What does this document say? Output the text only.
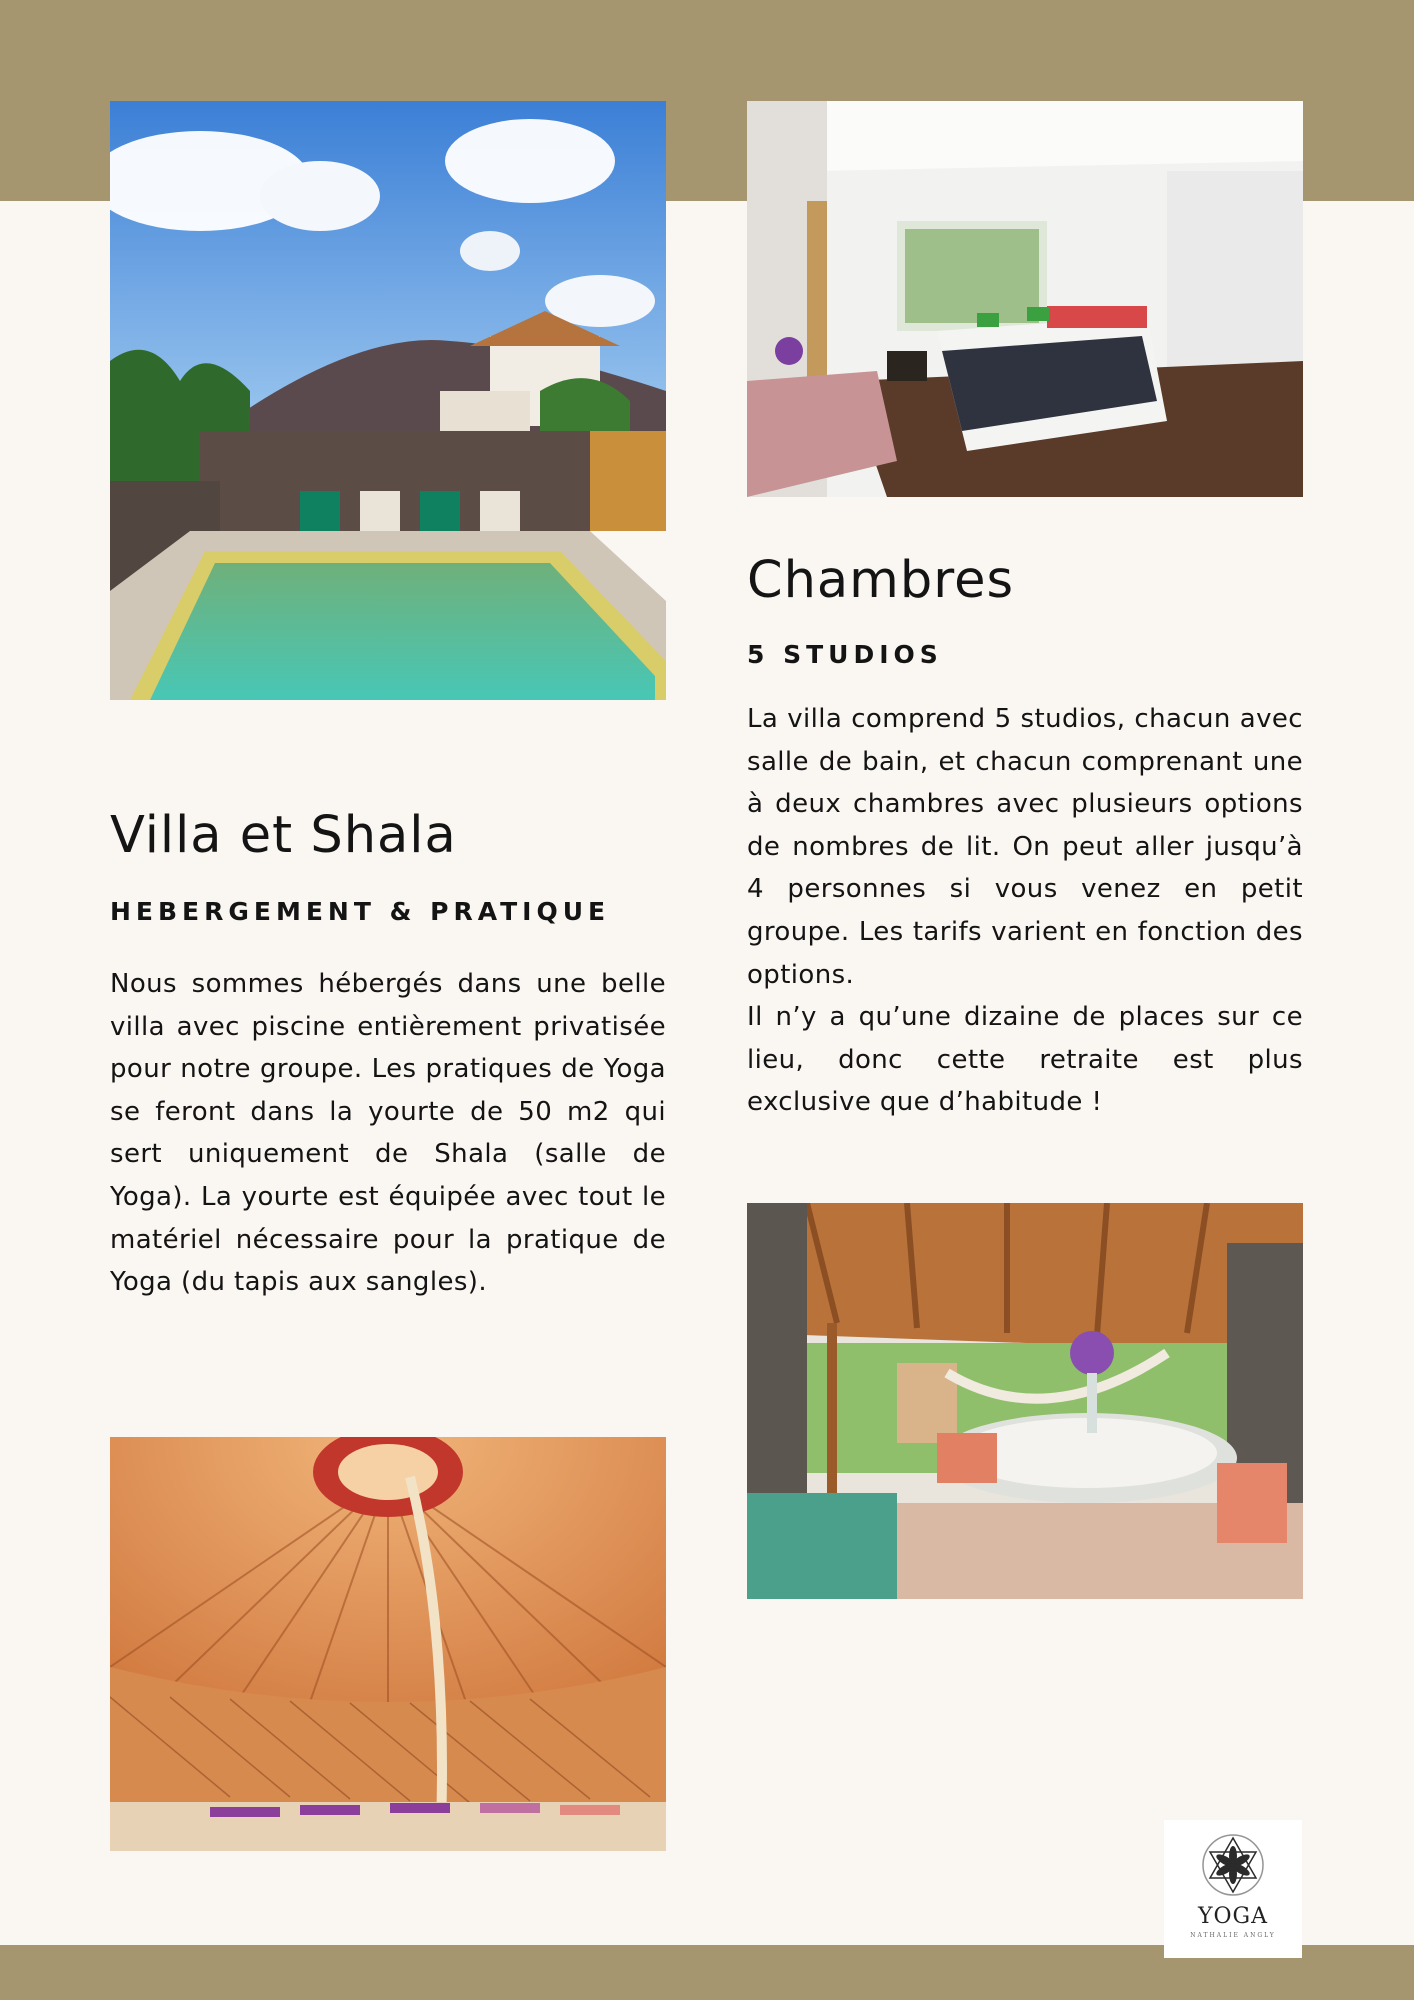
Villa et Shala
HEBERGEMENT & PRATIQUE

Nous sommes hébergés dans une belle villa avec piscine entièrement privatisée pour notre groupe. Les pratiques de Yoga se feront dans la yourte de 50 m2 qui sert uniquement de Shala (salle de Yoga). La yourte est équipée avec tout le matériel nécessaire pour la pratique de Yoga (du tapis aux sangles).

Chambres
5 STUDIOS

La villa comprend 5 studios, chacun avec salle de bain, et chacun comprenant une à deux chambres avec plusieurs options de nombres de lit. On peut aller jusqu’à 4 personnes si vous venez en petit groupe. Les tarifs varient en fonction des options.

Il n’y a qu’une dizaine de places sur ce lieu, donc cette retraite est plus exclusive que d’habitude !

YOGA
NATHALIE ANGLY
